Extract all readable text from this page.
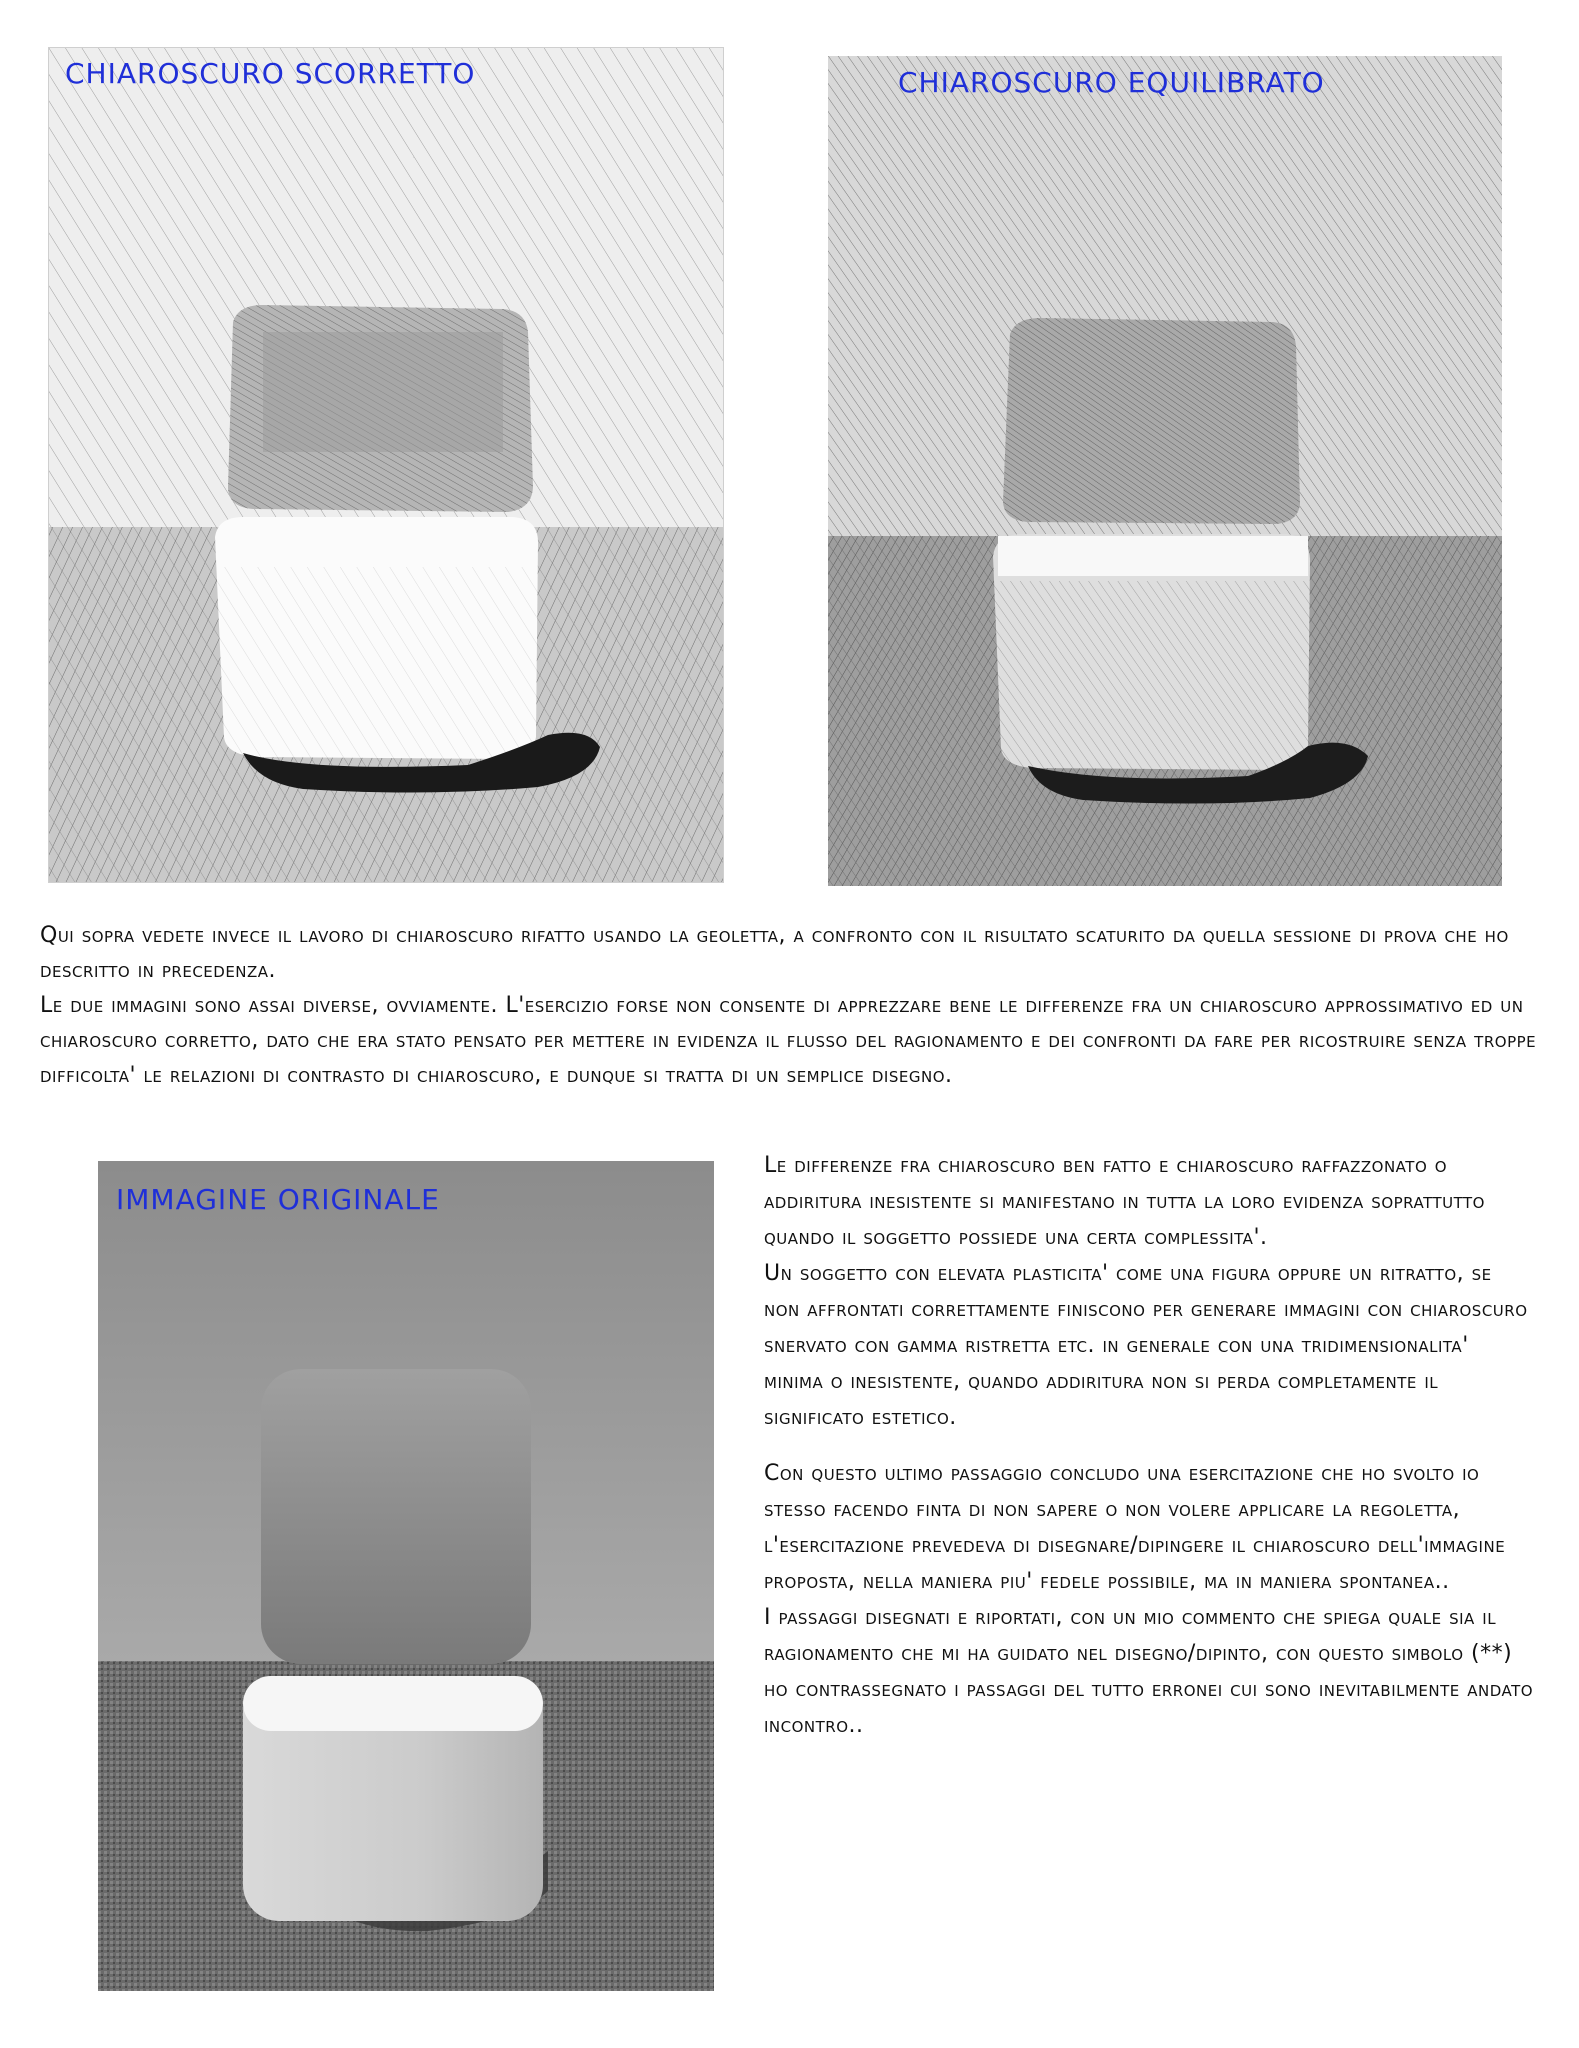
CHIAROSCURO SCORRETTO	CHIAROSCURO EQUILIBRATO

Qui sopra vedete invece il lavoro di chiaroscuro rifatto usando la geoletta, a confronto con il risultato scaturito da quella sessione di prova che ho descritto in precedenza.

Le due immagini sono assai diverse, ovviamente. L'esercizio forse non consente di apprezzare bene le differenze fra un chiaroscuro approssimativo ed un chiaroscuro corretto, dato che era stato pensato per mettere in evidenza il flusso del ragionamento e dei confronti da fare per ricostruire senza troppe difficolta' le relazioni di contrasto di chiaroscuro, e dunque si tratta di un semplice disegno.

IMMAGINE ORIGINALE

Le differenze fra chiaroscuro ben fatto e chiaroscuro raffazzonato o addiritura inesistente si manifestano in tutta la loro evidenza soprattutto quando il soggetto possiede una certa complessita'.

Un soggetto con elevata plasticita' come una figura oppure un ritratto, se non affrontati correttamente finiscono per generare immagini con chiaroscuro snervato con gamma ristretta etc. in generale con una tridimensionalita' minima o inesistente, quando addiritura non si perda completamente il significato estetico.

Con questo ultimo passaggio concludo una esercitazione che ho svolto io stesso facendo finta di non sapere o non volere applicare la regoletta, l'esercitazione prevedeva di disegnare/dipingere il chiaroscuro dell'immagine proposta, nella maniera piu' fedele possibile, ma in maniera spontanea..

I passaggi disegnati e riportati, con un mio commento che spiega quale sia il ragionamento che mi ha guidato nel disegno/dipinto, con questo simbolo (**) ho contrassegnato i passaggi del tutto erronei cui sono inevitabilmente andato incontro..
